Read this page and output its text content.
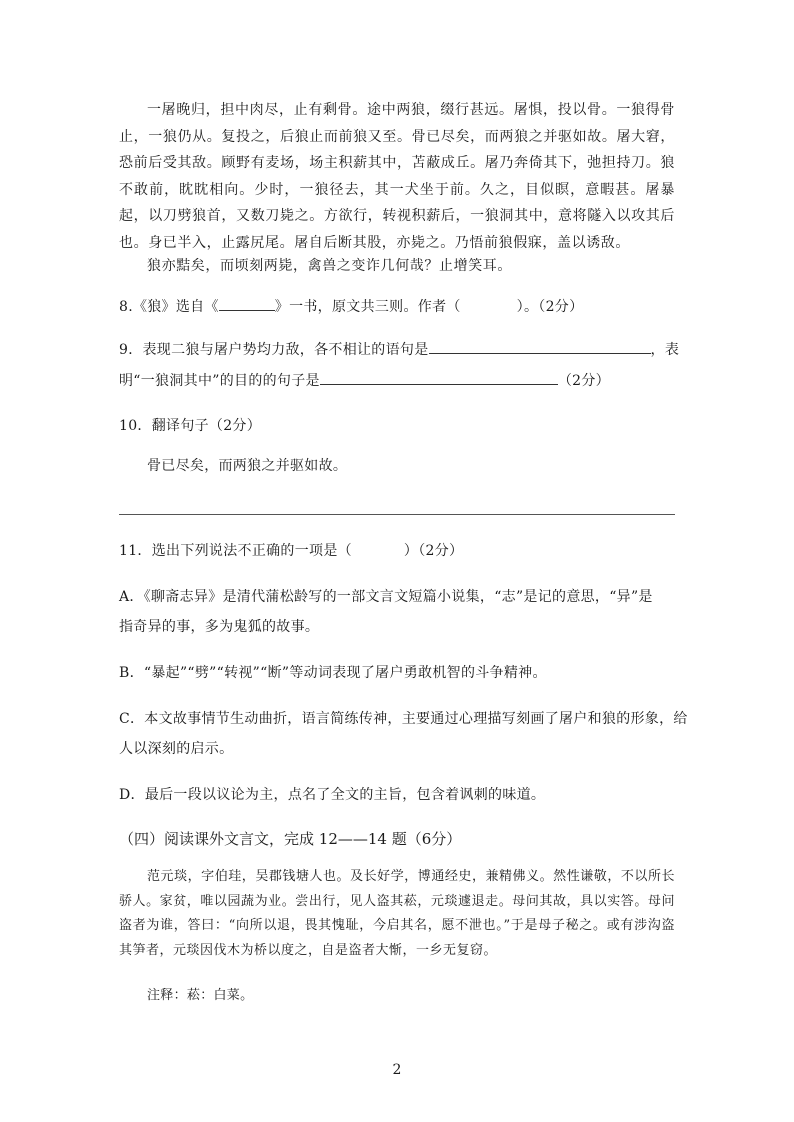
一屠晚归，担中肉尽，止有剩骨。途中两狼，缀行甚远。屠惧，投以骨。一狼得骨止，一狼仍从。复投之，后狼止而前狼又至。骨已尽矣，而两狼之并驱如故。屠大窘，恐前后受其敌。顾野有麦场，场主积薪其中，苫蔽成丘。屠乃奔倚其下，弛担持刀。狼不敢前，眈眈相向。少时，一狼径去，其一犬坐于前。久之，目似瞑，意暇甚。屠暴起，以刀劈狼首，又数刀毙之。方欲行，转视积薪后，一狼洞其中，意将隧入以攻其后也。身已半入，止露尻尾。屠自后断其股，亦毙之。乃悟前狼假寐，盖以诱敌。

狼亦黠矣，而顷刻两毙，禽兽之变诈几何哉？止增笑耳。

8.《狼》选自《	》一书，原文共三则。作者（	）。（2分）

9．表现二狼与屠户势均力敌，各不相让的语句是	，表

明“一狼洞其中”的目的的句子是	（2分）

10．翻译句子（2分）

骨已尽矣，而两狼之并驱如故。

11．选出下列说法不正确的一项是（	）（2分）

A．《聊斋志异》是清代蒲松龄写的一部文言文短篇小说集，“志”是记的意思，“异”是

指奇异的事，多为鬼狐的故事。

B．“暴起”“劈”“转视”“断”等动词表现了屠户勇敢机智的斗争精神。

C．本文故事情节生动曲折，语言简练传神，主要通过心理描写刻画了屠户和狼的形象，给

人以深刻的启示。

D．最后一段以议论为主，点名了全文的主旨，包含着讽刺的味道。

（四）阅读课外文言文，完成 12——14 题（6分）

范元琰，字伯珪，吴郡钱塘人也。及长好学，博通经史，兼精佛义。然性谦敬，不以所长骄人。家贫，唯以园蔬为业。尝出行，见人盗其菘，元琰遽退走。母问其故，具以实答。母问盗者为谁，答曰：“向所以退，畏其愧耻，今启其名，愿不泄也。”于是母子秘之。或有涉沟盗其笋者，元琰因伐木为桥以度之，自是盗者大惭，一乡无复窃。

注释：菘：白菜。

2
